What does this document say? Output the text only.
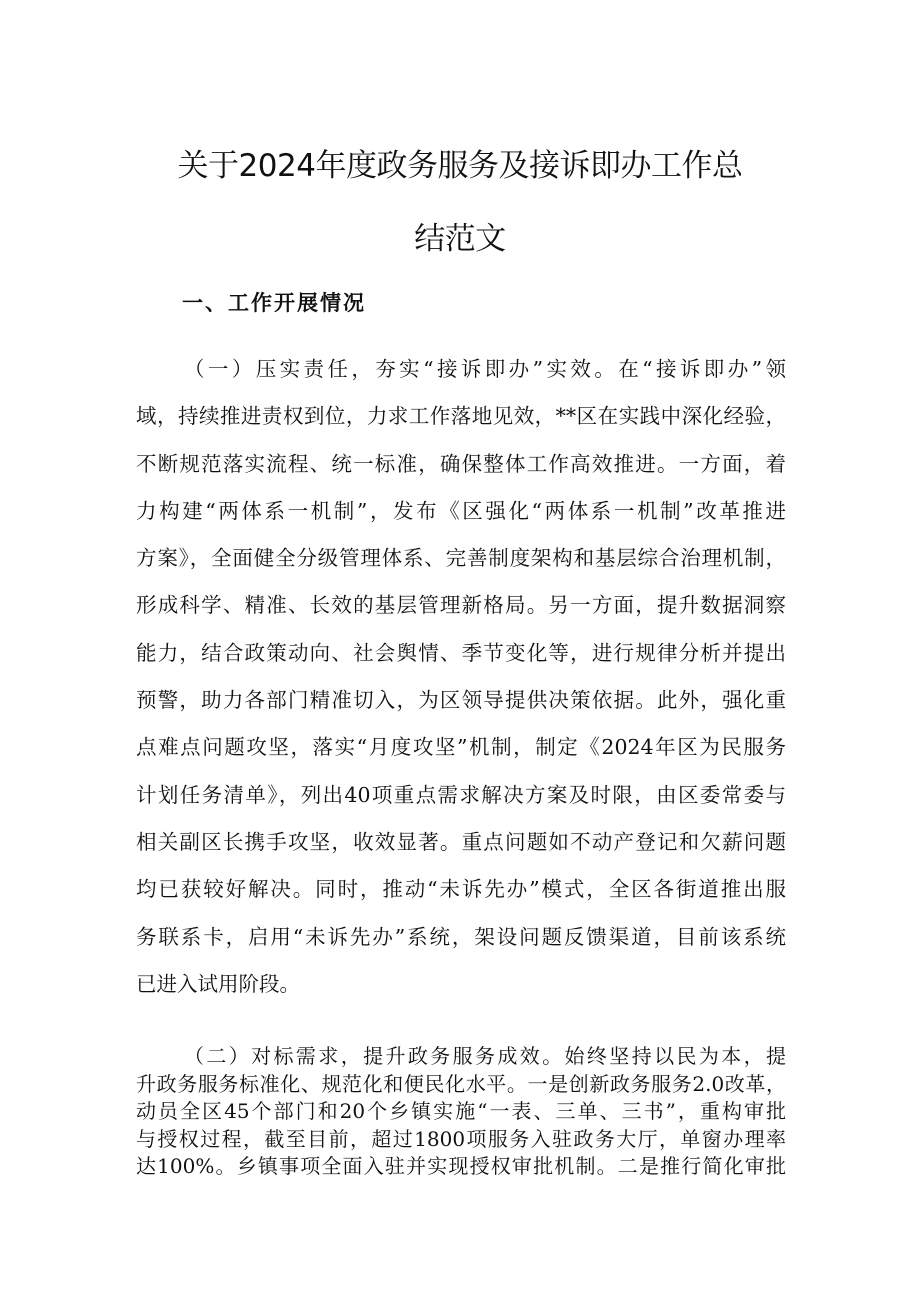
关于2024年度政务服务及接诉即办工作总
结范文
一、工作开展情况

（一）压实责任，夯实“接诉即办”实效。在“接诉即办”领
域，持续推进责权到位，力求工作落地见效，**区在实践中深化经验，
不断规范落实流程、统一标准，确保整体工作高效推进。一方面，着
力构建“两体系一机制”，发布《区强化“两体系一机制”改革推进
方案》，全面健全分级管理体系、完善制度架构和基层综合治理机制，
形成科学、精准、长效的基层管理新格局。另一方面，提升数据洞察
能力，结合政策动向、社会舆情、季节变化等，进行规律分析并提出
预警，助力各部门精准切入，为区领导提供决策依据。此外，强化重
点难点问题攻坚，落实“月度攻坚”机制，制定《2024年区为民服务
计划任务清单》，列出40项重点需求解决方案及时限，由区委常委与
相关副区长携手攻坚，收效显著。重点问题如不动产登记和欠薪问题
均已获较好解决。同时，推动“未诉先办”模式，全区各街道推出服
务联系卡，启用“未诉先办”系统，架设问题反馈渠道，目前该系统
已进入试用阶段。

（二）对标需求，提升政务服务成效。始终坚持以民为本，提
升政务服务标准化、规范化和便民化水平。一是创新政务服务2.0改革，
动员全区45个部门和20个乡镇实施“一表、三单、三书”，重构审批
与授权过程，截至目前，超过1800项服务入驻政务大厅，单窗办理率
达100%。乡镇事项全面入驻并实现授权审批机制。二是推行简化审批
